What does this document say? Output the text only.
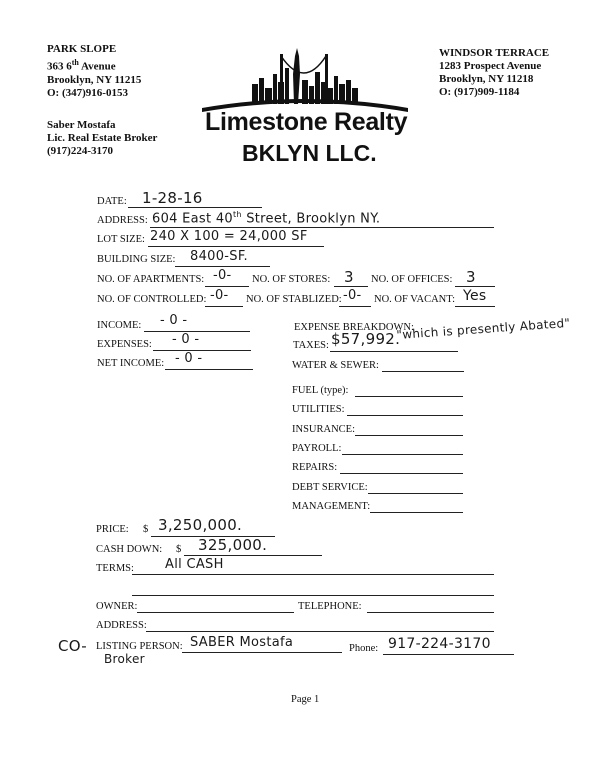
PARK SLOPE
363 6th Avenue
Brooklyn, NY 11215
O: (347)916-0153
Saber Mostafa
Lic. Real Estate Broker
(917)224-3170
WINDSOR TERRACE
1283 Prospect Avenue
Brooklyn, NY 11218
O: (917)909-1184
Limestone Realty
BKLYN LLC.
DATE: 1-28-16
ADDRESS: 604 East 40th Street, Brooklyn NY.
LOT SIZE: 240 X 100 = 24,000 SF
BUILDING SIZE: 8400-SF.
NO. OF APARTMENTS: -0- NO. OF STORES: 3 NO. OF OFFICES: 3
NO. OF CONTROLLED: -0- NO. OF STABLIZED: -0- NO. OF VACANT: Yes
INCOME: - 0 -
EXPENSES: - 0 -
NET INCOME: - 0 -
EXPENSE BREAKDOWN:
TAXES: $57,992.
"which is presently Abated"
WATER & SEWER:
FUEL (type):
UTILITIES:
INSURANCE:
PAYROLL:
REPAIRS:
DEBT SERVICE:
MANAGEMENT:
PRICE: $ 3,250,000.
CASH DOWN: $ 325,000.
TERMS: All CASH
OWNER:	TELEPHONE:
ADDRESS:
CO- LISTING PERSON: SABER Mostafa
Broker
Phone: 917-224-3170
Page 1
